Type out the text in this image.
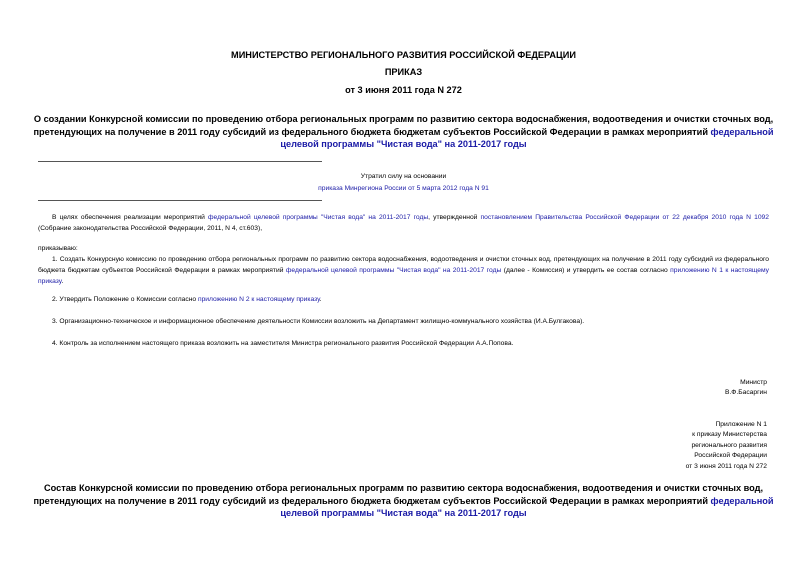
МИНИСТЕРСТВО РЕГИОНАЛЬНОГО РАЗВИТИЯ РОССИЙСКОЙ ФЕДЕРАЦИИ
ПРИКАЗ
от 3 июня 2011 года N 272
О создании Конкурсной комиссии по проведению отбора региональных программ по развитию сектора водоснабжения, водоотведения и очистки сточных вод,
претендующих на получение в 2011 году субсидий из федерального бюджета бюджетам субъектов Российской Федерации в рамках мероприятий федеральной
целевой программы "Чистая вода" на 2011-2017 годы
Утратил силу на основании
приказа Минрегиона России от 5 марта 2012 года N 91
В целях обеспечения реализации мероприятий федеральной целевой программы "Чистая вода" на 2011-2017 годы, утвержденной постановлением Правительства Российской Федерации от 22 декабря 2010 года N 1092 (Собрание законодательства Российской Федерации, 2011, N 4, ст.603),
приказываю:
1. Создать Конкурсную комиссию по проведению отбора региональных программ по развитию сектора водоснабжения, водоотведения и очистки сточных вод, претендующих на получение в 2011 году субсидий из федерального бюджета бюджетам субъектов Российской Федерации в рамках мероприятий федеральной целевой программы "Чистая вода" на 2011-2017 годы (далее - Комиссия) и утвердить ее состав согласно приложению N 1 к настоящему приказу.
2. Утвердить Положение о Комиссии согласно приложению N 2 к настоящему приказу.
3. Организационно-техническое и информационное обеспечение деятельности Комиссии возложить на Департамент жилищно-коммунального хозяйства (И.А.Булгакова).
4. Контроль за исполнением настоящего приказа возложить на заместителя Министра регионального развития Российской Федерации А.А.Попова.
Министр
В.Ф.Басаргин
Приложение N 1
к приказу Министерства
регионального развития
Российской Федерации
от 3 июня 2011 года N 272
Состав Конкурсной комиссии по проведению отбора региональных программ по развитию сектора водоснабжения, водоотведения и очистки сточных вод,
претендующих на получение в 2011 году субсидий из федерального бюджета бюджетам субъектов Российской Федерации в рамках мероприятий федеральной
целевой программы "Чистая вода" на 2011-2017 годы
